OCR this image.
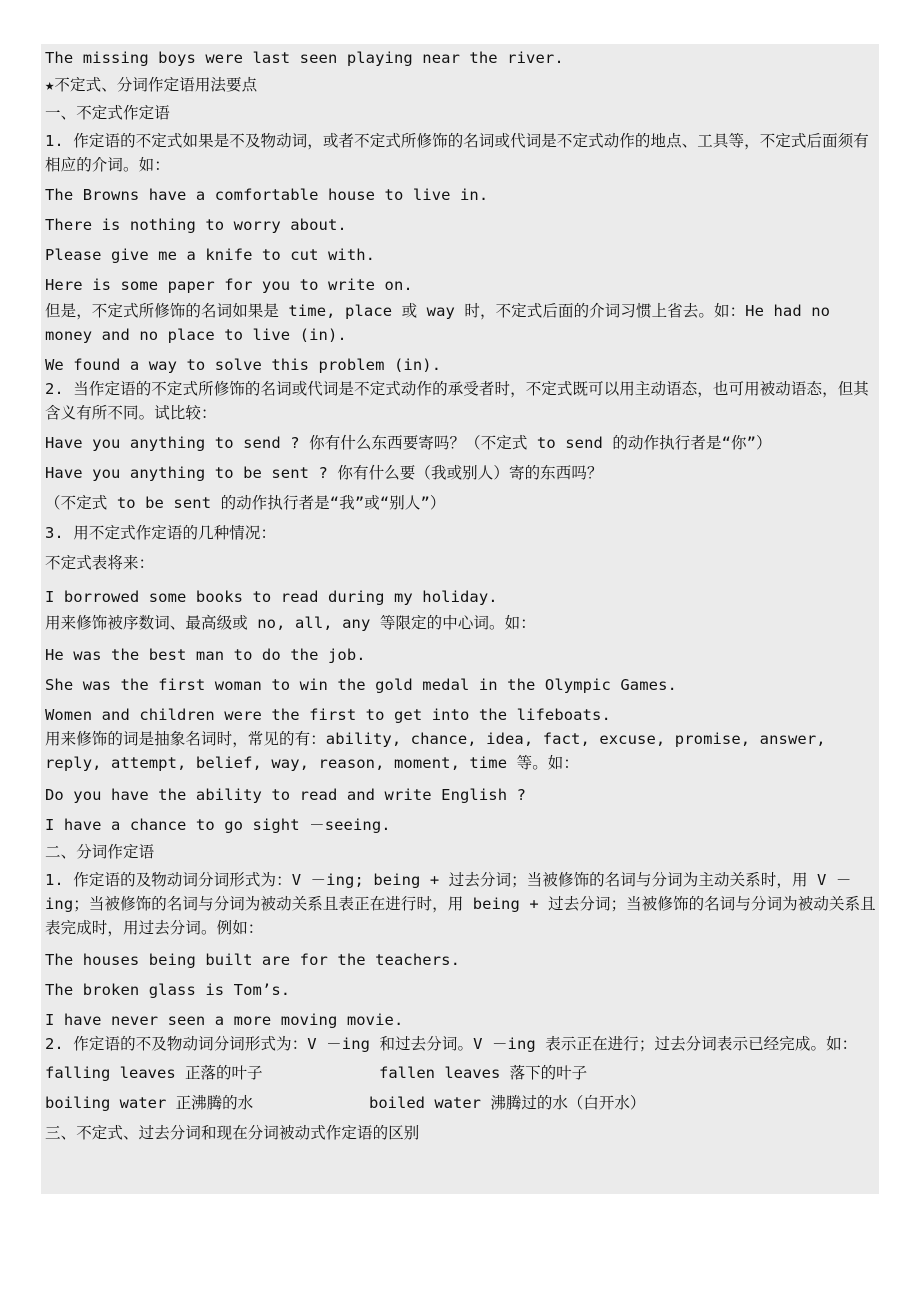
The missing boys were last seen playing near the river.
★不定式、分词作定语用法要点
一、不定式作定语
1. 作定语的不定式如果是不及物动词，或者不定式所修饰的名词或代词是不定式动作的地点、工具等，不定式后面须有相应的介词。如：
The Browns have a comfortable house to live in.
There is nothing to worry about.
Please give me a knife to cut with.
Here is some paper for you to write on.
但是，不定式所修饰的名词如果是 time, place 或 way 时，不定式后面的介词习惯上省去。如：He had no money and no place to live (in).
We found a way to solve this problem (in).
2. 当作定语的不定式所修饰的名词或代词是不定式动作的承受者时，不定式既可以用主动语态，也可用被动语态，但其含义有所不同。试比较：
Have you anything to send ? 你有什么东西要寄吗？（不定式 to send 的动作执行者是“你”）
Have you anything to be sent ? 你有什么要（我或别人）寄的东西吗？
（不定式 to be sent 的动作执行者是“我”或“别人”）
3. 用不定式作定语的几种情况：
不定式表将来：
I borrowed some books to read during my holiday.
用来修饰被序数词、最高级或 no, all, any 等限定的中心词。如：
He was the best man to do the job.
She was the first woman to win the gold medal in the Olympic Games.
Women and children were the first to get into the lifeboats.
用来修饰的词是抽象名词时，常见的有：ability, chance, idea, fact, excuse, promise, answer, reply, attempt, belief, way, reason, moment, time 等。如：
Do you have the ability to read and write English ?
I have a chance to go sight －seeing.
二、分词作定语
1. 作定语的及物动词分词形式为：V －ing; being + 过去分词；当被修饰的名词与分词为主动关系时，用 V －ing；当被修饰的名词与分词为被动关系且表正在进行时，用 being + 过去分词；当被修饰的名词与分词为被动关系且表完成时，用过去分词。例如：
The houses being built are for the teachers.
The broken glass is Tom’s.
I have never seen a more moving movie.
2. 作定语的不及物动词分词形式为：V －ing 和过去分词。V －ing 表示正在进行；过去分词表示已经完成。如：
falling leaves 正落的叶子	fallen leaves 落下的叶子
boiling water 正沸腾的水	boiled water 沸腾过的水（白开水）
三、不定式、过去分词和现在分词被动式作定语的区别
